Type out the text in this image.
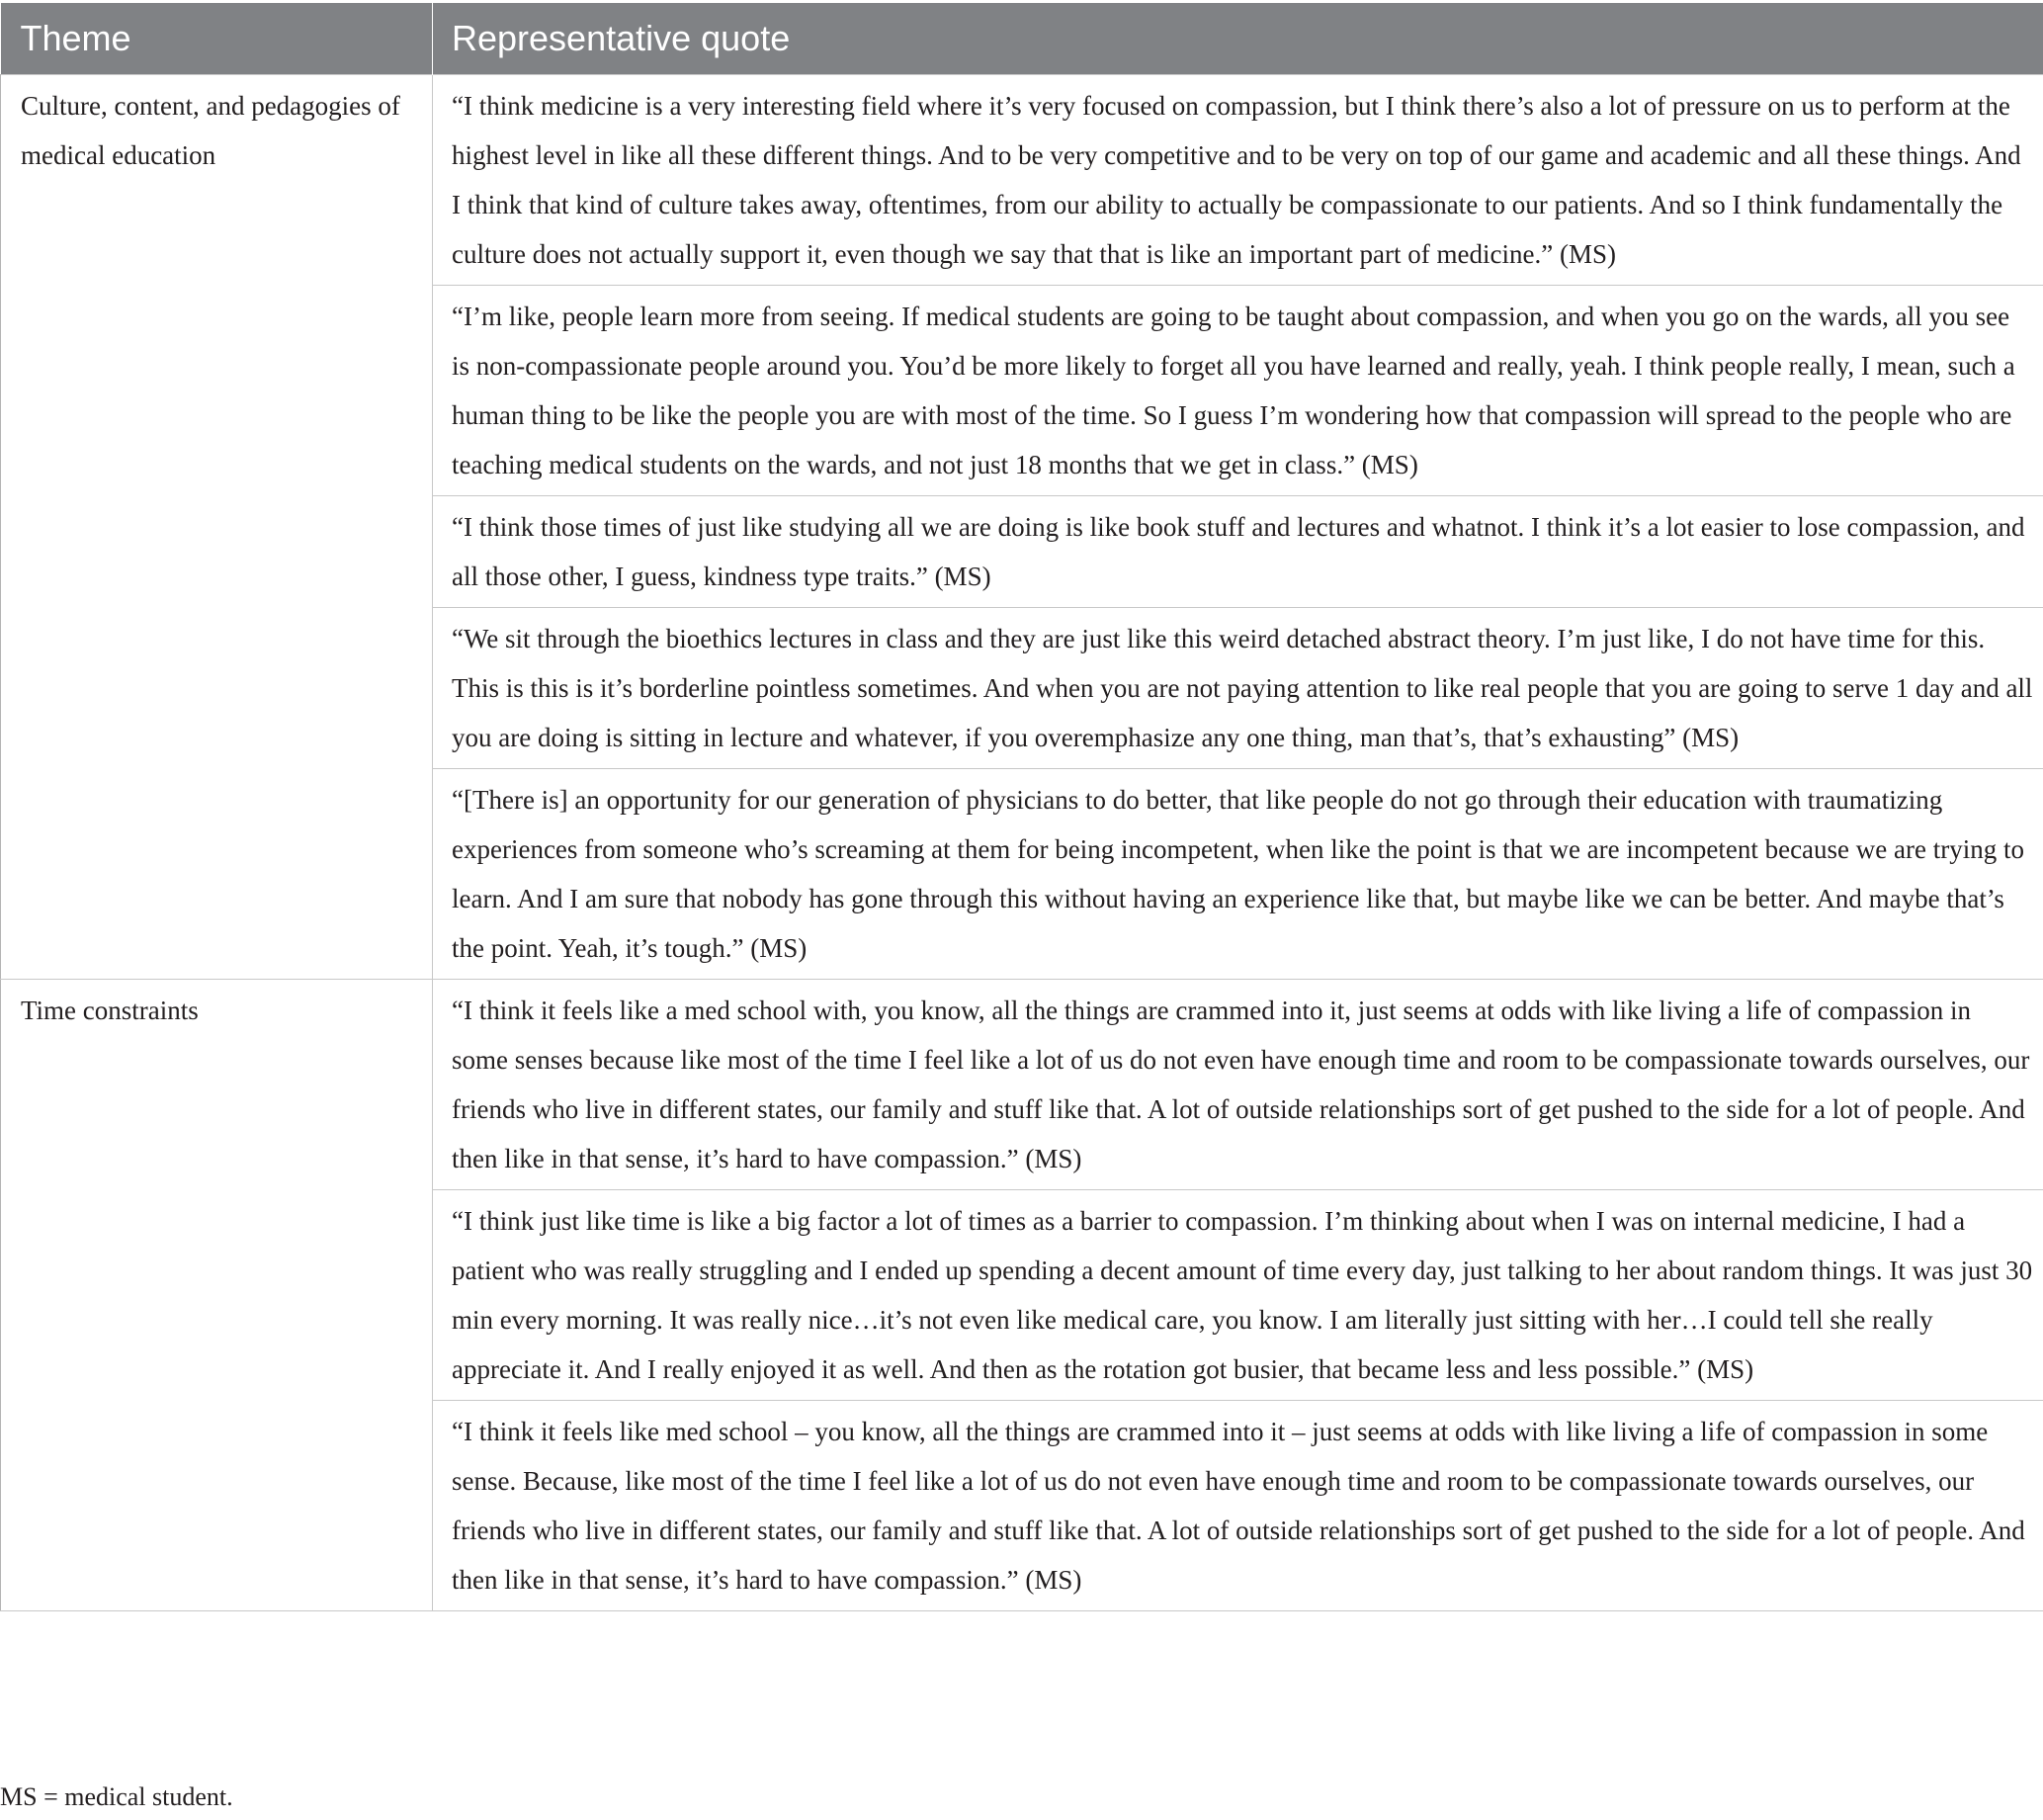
Theme	Representative quote
Culture, content, and pedagogies of medical education	“I think medicine is a very interesting field where it’s very focused on compassion, but I think there’s also a lot of pressure on us to perform at the highest level in like all these different things. And to be very competitive and to be very on top of our game and academic and all these things. And I think that kind of culture takes away, oftentimes, from our ability to actually be compassionate to our patients. And so I think fundamentally the culture does not actually support it, even though we say that that is like an important part of medicine.” (MS)
	“I’m like, people learn more from seeing. If medical students are going to be taught about compassion, and when you go on the wards, all you see is non-compassionate people around you. You’d be more likely to forget all you have learned and really, yeah. I think people really, I mean, such a human thing to be like the people you are with most of the time. So I guess I’m wondering how that compassion will spread to the people who are teaching medical students on the wards, and not just 18 months that we get in class.” (MS)
	“I think those times of just like studying all we are doing is like book stuff and lectures and whatnot. I think it’s a lot easier to lose compassion, and all those other, I guess, kindness type traits.” (MS)
	“We sit through the bioethics lectures in class and they are just like this weird detached abstract theory. I’m just like, I do not have time for this. This is this is it’s borderline pointless sometimes. And when you are not paying attention to like real people that you are going to serve 1 day and all you are doing is sitting in lecture and whatever, if you overemphasize any one thing, man that’s, that’s exhausting” (MS)
	“[There is] an opportunity for our generation of physicians to do better, that like people do not go through their education with traumatizing experiences from someone who’s screaming at them for being incompetent, when like the point is that we are incompetent because we are trying to learn. And I am sure that nobody has gone through this without having an experience like that, but maybe like we can be better. And maybe that’s the point. Yeah, it’s tough.” (MS)
Time constraints	“I think it feels like a med school with, you know, all the things are crammed into it, just seems at odds with like living a life of compassion in some senses because like most of the time I feel like a lot of us do not even have enough time and room to be compassionate towards ourselves, our friends who live in different states, our family and stuff like that. A lot of outside relationships sort of get pushed to the side for a lot of people. And then like in that sense, it’s hard to have compassion.” (MS)
	“I think just like time is like a big factor a lot of times as a barrier to compassion. I’m thinking about when I was on internal medicine, I had a patient who was really struggling and I ended up spending a decent amount of time every day, just talking to her about random things. It was just 30 min every morning. It was really nice…it’s not even like medical care, you know. I am literally just sitting with her…I could tell she really appreciate it. And I really enjoyed it as well. And then as the rotation got busier, that became less and less possible.” (MS)
	“I think it feels like med school – you know, all the things are crammed into it – just seems at odds with like living a life of compassion in some sense. Because, like most of the time I feel like a lot of us do not even have enough time and room to be compassionate towards ourselves, our friends who live in different states, our family and stuff like that. A lot of outside relationships sort of get pushed to the side for a lot of people. And then like in that sense, it’s hard to have compassion.” (MS)
MS = medical student.
